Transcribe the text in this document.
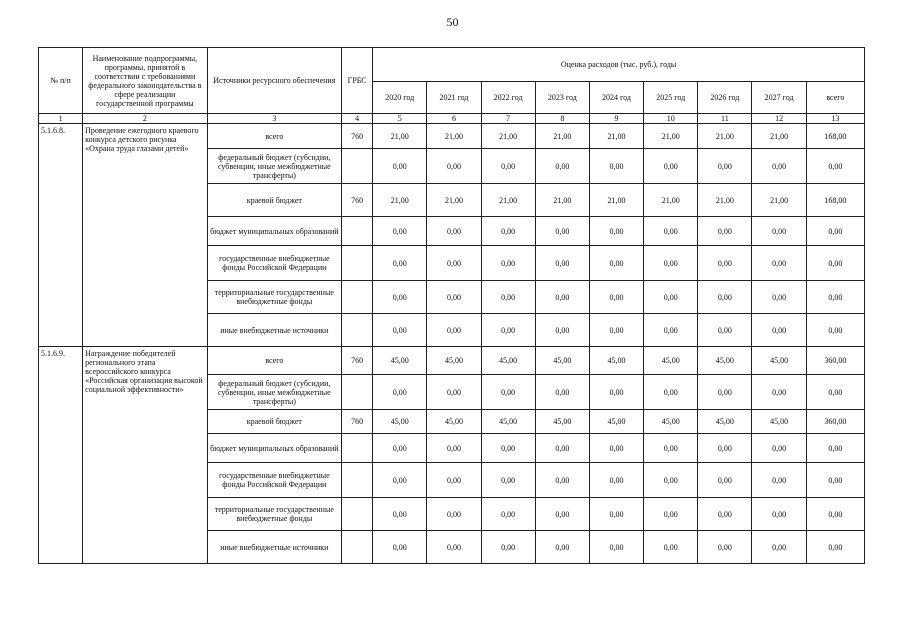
50
№ п/п	Наименование подпрограммы, программы, принятой в соответствии с требованиями федерального законодательства в сфере реализации государственной программы	Источники ресурсного обеспечения	ГРБС	Оценка расходов (тыс. руб.), годы								
				2020 год	2021 год	2022 год	2023 год	2024 год	2025 год	2026 год	2027 год	всего
1	2	3	4	5	6	7	8	9	10	11	12	13
5.1.6.8.	Проведение ежегодного краевого конкурса детского рисунка «Охрана труда глазами детей»	всего	760	21,00	21,00	21,00	21,00	21,00	21,00	21,00	21,00	168,00
		федеральный бюджет (субсидии, субвенции, иные межбюджетные трансферты)		0,00	0,00	0,00	0,00	0,00	0,00	0,00	0,00	0,00
		краевой бюджет	760	21,00	21,00	21,00	21,00	21,00	21,00	21,00	21,00	168,00
		бюджет муниципальных образований		0,00	0,00	0,00	0,00	0,00	0,00	0,00	0,00	0,00
		государственные внебюджетные фонды Российской Федерации		0,00	0,00	0,00	0,00	0,00	0,00	0,00	0,00	0,00
		территориальные государственные внебюджетные фонды		0,00	0,00	0,00	0,00	0,00	0,00	0,00	0,00	0,00
		иные внебюджетные источники		0,00	0,00	0,00	0,00	0,00	0,00	0,00	0,00	0,00
5.1.6.9.	Награждение победителей регионального этапа всероссийского конкурса «Российская организация высокой социальной эффективности»	всего	760	45,00	45,00	45,00	45,00	45,00	45,00	45,00	45,00	360,00
		федеральный бюджет (субсидии, субвенции, иные межбюджетные трансферты)		0,00	0,00	0,00	0,00	0,00	0,00	0,00	0,00	0,00
		краевой бюджет	760	45,00	45,00	45,00	45,00	45,00	45,00	45,00	45,00	360,00
		бюджет муниципальных образований		0,00	0,00	0,00	0,00	0,00	0,00	0,00	0,00	0,00
		государственные внебюджетные фонды Российской Федерации		0,00	0,00	0,00	0,00	0,00	0,00	0,00	0,00	0,00
		территориальные государственные внебюджетные фонды		0,00	0,00	0,00	0,00	0,00	0,00	0,00	0,00	0,00
		иные внебюджетные источники		0,00	0,00	0,00	0,00	0,00	0,00	0,00	0,00	0,00
